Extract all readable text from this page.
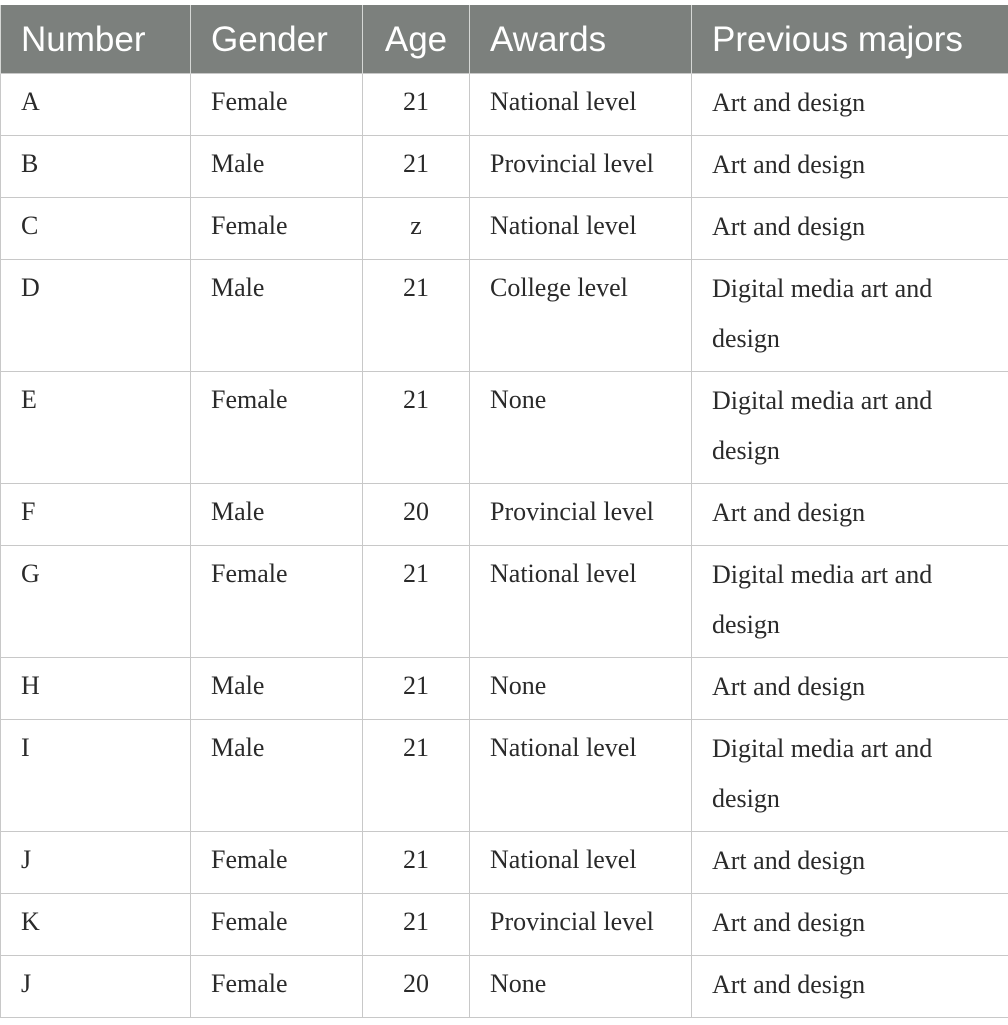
Number	Gender	Age	Awards	Previous majors
A	Female	21	National level	Art and design
B	Male	21	Provincial level	Art and design
C	Female	z	National level	Art and design
D	Male	21	College level	Digital media art and design
E	Female	21	None	Digital media art and design
F	Male	20	Provincial level	Art and design
G	Female	21	National level	Digital media art and design
H	Male	21	None	Art and design
I	Male	21	National level	Digital media art and design
J	Female	21	National level	Art and design
K	Female	21	Provincial level	Art and design
J	Female	20	None	Art and design
